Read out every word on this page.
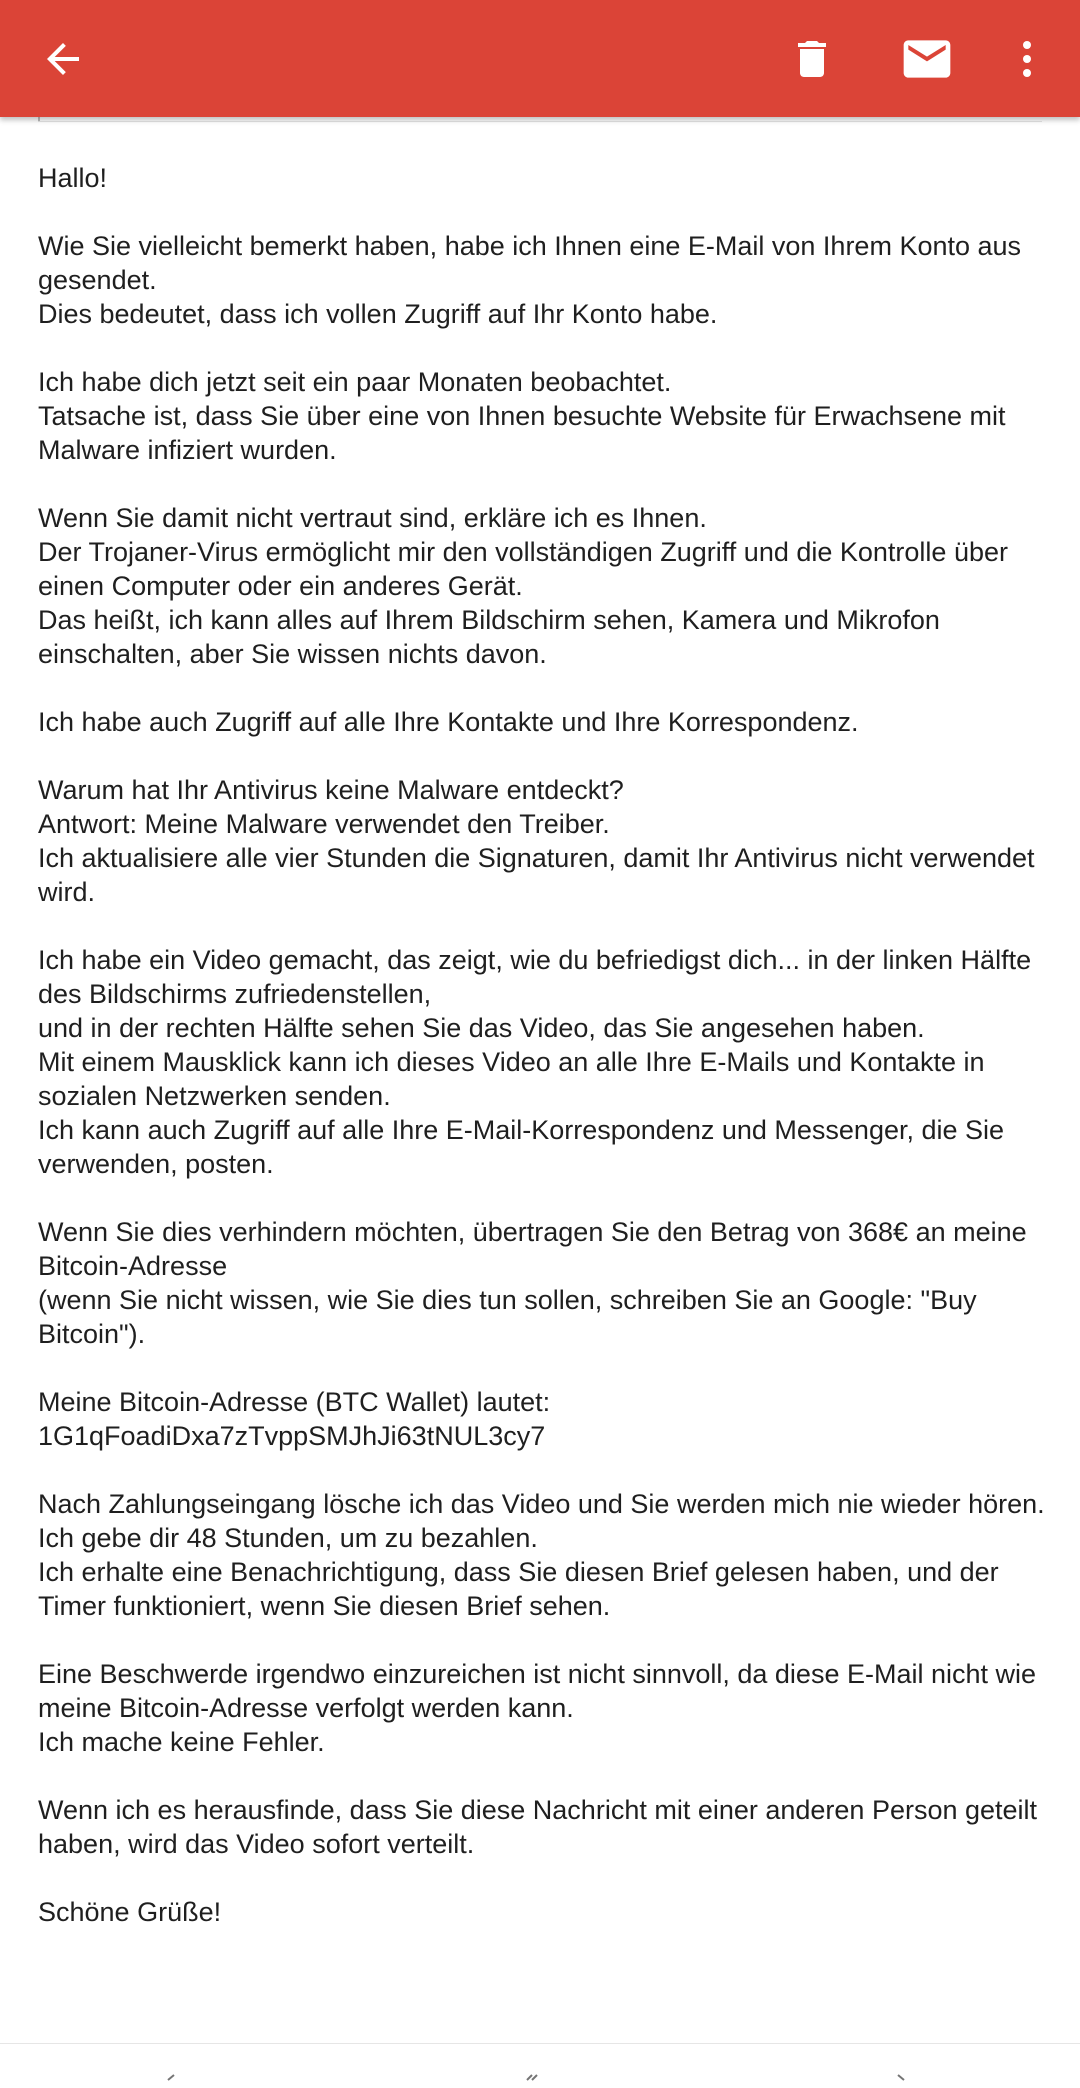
Hallo!

Wie Sie vielleicht bemerkt haben, habe ich Ihnen eine E-Mail von Ihrem Konto aus gesendet.
Dies bedeutet, dass ich vollen Zugriff auf Ihr Konto habe.

Ich habe dich jetzt seit ein paar Monaten beobachtet.
Tatsache ist, dass Sie über eine von Ihnen besuchte Website für Erwachsene mit Malware infiziert wurden.

Wenn Sie damit nicht vertraut sind, erkläre ich es Ihnen.
Der Trojaner-Virus ermöglicht mir den vollständigen Zugriff und die Kontrolle über einen Computer oder ein anderes Gerät.
Das heißt, ich kann alles auf Ihrem Bildschirm sehen, Kamera und Mikrofon einschalten, aber Sie wissen nichts davon.

Ich habe auch Zugriff auf alle Ihre Kontakte und Ihre Korrespondenz.

Warum hat Ihr Antivirus keine Malware entdeckt?
Antwort: Meine Malware verwendet den Treiber.
Ich aktualisiere alle vier Stunden die Signaturen, damit Ihr Antivirus nicht verwendet wird.

Ich habe ein Video gemacht, das zeigt, wie du befriedigst dich... in der linken Hälfte des Bildschirms zufriedenstellen,
und in der rechten Hälfte sehen Sie das Video, das Sie angesehen haben.
Mit einem Mausklick kann ich dieses Video an alle Ihre E-Mails und Kontakte in sozialen Netzwerken senden.
Ich kann auch Zugriff auf alle Ihre E-Mail-Korrespondenz und Messenger, die Sie verwenden, posten.

Wenn Sie dies verhindern möchten, übertragen Sie den Betrag von 368€ an meine Bitcoin-Adresse
(wenn Sie nicht wissen, wie Sie dies tun sollen, schreiben Sie an Google: "Buy Bitcoin").

Meine Bitcoin-Adresse (BTC Wallet) lautet:
1G1qFoadiDxa7zTvppSMJhJi63tNUL3cy7

Nach Zahlungseingang lösche ich das Video und Sie werden mich nie wieder hören.
Ich gebe dir 48 Stunden, um zu bezahlen.
Ich erhalte eine Benachrichtigung, dass Sie diesen Brief gelesen haben, und der Timer funktioniert, wenn Sie diesen Brief sehen.

Eine Beschwerde irgendwo einzureichen ist nicht sinnvoll, da diese E-Mail nicht wie meine Bitcoin-Adresse verfolgt werden kann.
Ich mache keine Fehler.

Wenn ich es herausfinde, dass Sie diese Nachricht mit einer anderen Person geteilt haben, wird das Video sofort verteilt.

Schöne Grüße!
